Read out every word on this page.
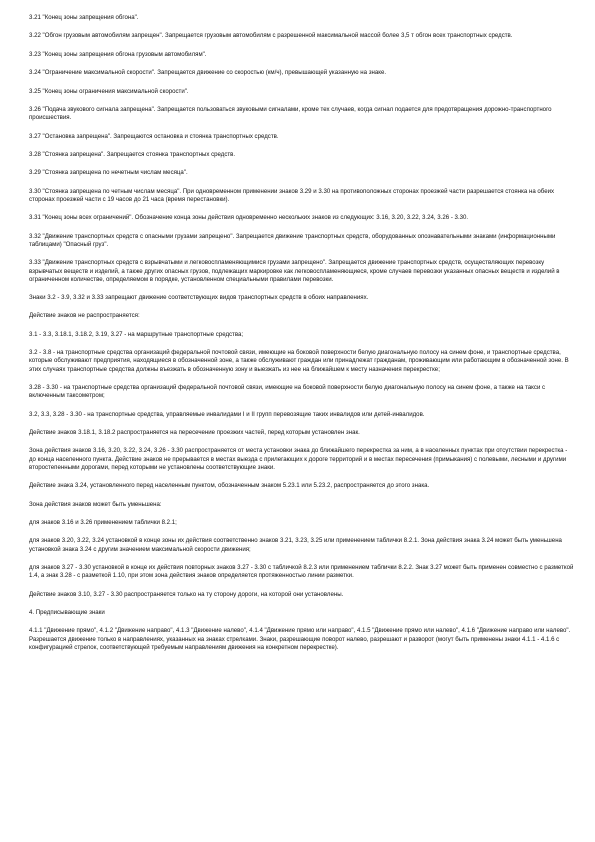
3.21 "Конец зоны запрещения обгона".

3.22 "Обгон грузовым автомобилям запрещен". Запрещается грузовым автомобилям с разрешенной максимальной массой более 3,5 т обгон всех транспортных средств.

3.23 "Конец зоны запрещения обгона грузовым автомобилям".

3.24 "Ограничение максимальной скорости". Запрещается движение со скоростью (км/ч), превышающей указанную на знаке.

3.25 "Конец зоны ограничения максимальной скорости".

3.26 "Подача звукового сигнала запрещена". Запрещается пользоваться звуковыми сигналами, кроме тех случаев, когда сигнал подается для предотвращения дорожно-транспортного происшествия.

3.27 "Остановка запрещена". Запрещаются остановка и стоянка транспортных средств.

3.28 "Стоянка запрещена". Запрещается стоянка транспортных средств.

3.29 "Стоянка запрещена по нечетным числам месяца".

3.30 "Стоянка запрещена по четным числам месяца". При одновременном применении знаков 3.29 и 3.30 на противоположных сторонах проезжей части разрешается стоянка на обеих сторонах проезжей части с 19 часов до 21 часа (время перестановки).

3.31 "Конец зоны всех ограничений". Обозначение конца зоны действия одновременно нескольких знаков из следующих: 3.16, 3.20, 3.22, 3.24, 3.26 - 3.30.

3.32 "Движение транспортных средств с опасными грузами запрещено". Запрещается движение транспортных средств, оборудованных опознавательными знаками (информационными таблицами) "Опасный груз".

3.33 "Движение транспортных средств с взрывчатыми и легковоспламеняющимися грузами запрещено". Запрещается движение транспортных средств, осуществляющих перевозку взрывчатых веществ и изделий, а также других опасных грузов, подлежащих маркировке как легковоспламеняющиеся, кроме случаев перевозки указанных опасных веществ и изделий в ограниченном количестве, определяемом в порядке, установленном специальными правилами перевозки.

Знаки 3.2 - 3.9, 3.32 и 3.33 запрещают движение соответствующих видов транспортных средств в обоих направлениях.

Действие знаков не распространяется:

3.1 - 3.3, 3.18.1, 3.18.2, 3.19, 3.27 - на маршрутные транспортные средства;

3.2 - 3.8 - на транспортные средства организаций федеральной почтовой связи, имеющие на боковой поверхности белую диагональную полосу на синем фоне, и транспортные средства, которые обслуживают предприятия, находящиеся в обозначенной зоне, а также обслуживают граждан или принадлежат гражданам, проживающим или работающим в обозначенной зоне. В этих случаях транспортные средства должны въезжать в обозначенную зону и выезжать из нее на ближайшем к месту назначения перекрестке;

3.28 - 3.30 - на транспортные средства организаций федеральной почтовой связи, имеющие на боковой поверхности белую диагональную полосу на синем фоне, а также на такси с включенным таксометром;

3.2, 3.3, 3.28 - 3.30 - на транспортные средства, управляемые инвалидами I и II групп перевозящие таких инвалидов или детей-инвалидов.

Действие знаков 3.18.1, 3.18.2 распространяется на пересечение проезжих частей, перед которым установлен знак.

Зона действия знаков 3.16, 3.20, 3.22, 3.24, 3.26 - 3.30 распространяется от места установки знака до ближайшего перекрестка за ним, а в населенных пунктах при отсутствии перекрестка - до конца населенного пункта. Действие знаков не прерывается в местах выезда с прилегающих к дороге территорий и в местах пересечения (примыкания) с полевыми, лесными и другими второстепенными дорогами, перед которыми не установлены соответствующие знаки.

Действие знака 3.24, установленного перед населенным пунктом, обозначенным знаком 5.23.1 или 5.23.2, распространяется до этого знака.

Зона действия знаков может быть уменьшена:

для знаков 3.16 и 3.26 применением таблички 8.2.1;

для знаков 3.20, 3.22, 3.24 установкой в конце зоны их действия соответственно знаков 3.21, 3.23, 3.25 или применением таблички 8.2.1. Зона действия знака 3.24 может быть уменьшена установкой знака 3.24 с другим значением максимальной скорости движения;

для знаков 3.27 - 3.30 установкой в конце их действия повторных знаков 3.27 - 3.30 с табличкой 8.2.3 или применением таблички 8.2.2. Знак 3.27 может быть применен совместно с разметкой 1.4, а знак 3.28 - с разметкой 1.10, при этом зона действия знаков определяется протяженностью линии разметки.

Действие знаков 3.10, 3.27 - 3.30 распространяется только на ту сторону дороги, на которой они установлены.

4. Предписывающие знаки

4.1.1 "Движение прямо", 4.1.2 "Движение направо", 4.1.3 "Движение налево", 4.1.4 "Движение прямо или направо", 4.1.5 "Движение прямо или налево", 4.1.6 "Движение направо или налево". Разрешается движение только в направлениях, указанных на знаках стрелками. Знаки, разрешающие поворот налево, разрешают и разворот (могут быть применены знаки 4.1.1 - 4.1.6 с конфигурацией стрелок, соответствующей требуемым направлениям движения на конкретном перекрестке).
